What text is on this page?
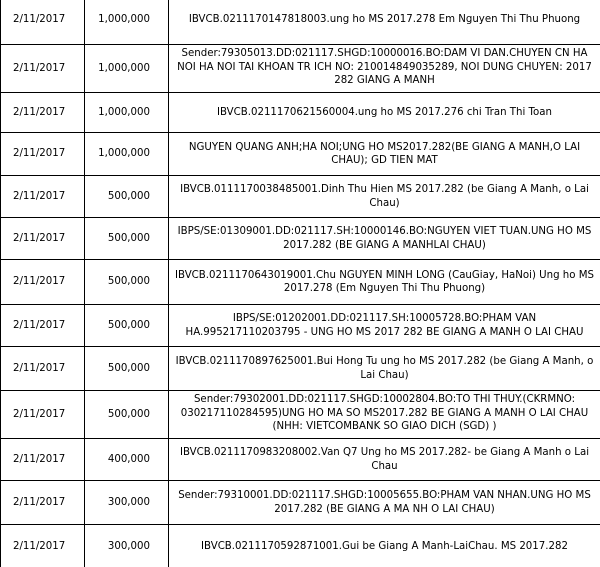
2/11/2017	1,000,000	IBVCB.0211170147818003.ung ho MS 2017.278 Em Nguyen Thi Thu Phuong
2/11/2017	1,000,000	Sender:79305013.DD:021117.SHGD:10000016.BO:DAM VI DAN.CHUYEN CN HA NOI HA NOI TAI KHOAN TR ICH NO: 210014849035289, NOI DUNG CHUYEN: 2017 282 GIANG A MANH

2/11/2017	1,000,000	IBVCB.0211170621560004.ung ho MS 2017.276 chi Tran Thi Toan
2/11/2017	1,000,000	NGUYEN QUANG ANH;HA NOI;UNG HO MS2017.282(BE GIANG A MANH,O LAI CHAU); GD TIEN MAT
2/11/2017	500,000	IBVCB.0111170038485001.Dinh Thu Hien MS 2017.282 (be Giang A Manh, o Lai Chau)
2/11/2017	500,000	IBPS/SE:01309001.DD:021117.SH:10000146.BO:NGUYEN VIET TUAN.UNG HO MS 2017.282 (BE GIANG A MANHLAI CHAU)
2/11/2017	500,000	IBVCB.0211170643019001.Chu NGUYEN MINH LONG (CauGiay, HaNoi) Ung ho MS 2017.278 (Em Nguyen Thi Thu Phuong)
2/11/2017	500,000	IBPS/SE:01202001.DD:021117.SH:10005728.BO:PHAM VAN HA.995217110203795 - UNG HO MS 2017 282 BE GIANG A MANH O LAI CHAU
2/11/2017	500,000	IBVCB.0211170897625001.Bui Hong Tu ung ho MS 2017.282 (be Giang A Manh, o Lai Chau)
2/11/2017	500,000	Sender:79302001.DD:021117.SHGD:10002804.BO:TO THI THUY.(CKRMNO: 030217110284595)UNG HO MA SO MS2017.282 BE GIANG A MANH O LAI CHAU (NHH: VIETCOMBANK SO GIAO DICH (SGD) )

2/11/2017	400,000	IBVCB.0211170983208002.Van Q7 Ung ho MS 2017.282- be Giang A Manh o Lai Chau
2/11/2017	300,000	Sender:79310001.DD:021117.SHGD:10005655.BO:PHAM VAN NHAN.UNG HO MS 2017.282 (BE GIANG A MA NH O LAI CHAU)
2/11/2017	300,000	IBVCB.0211170592871001.Gui be Giang A Manh-LaiChau. MS 2017.282
